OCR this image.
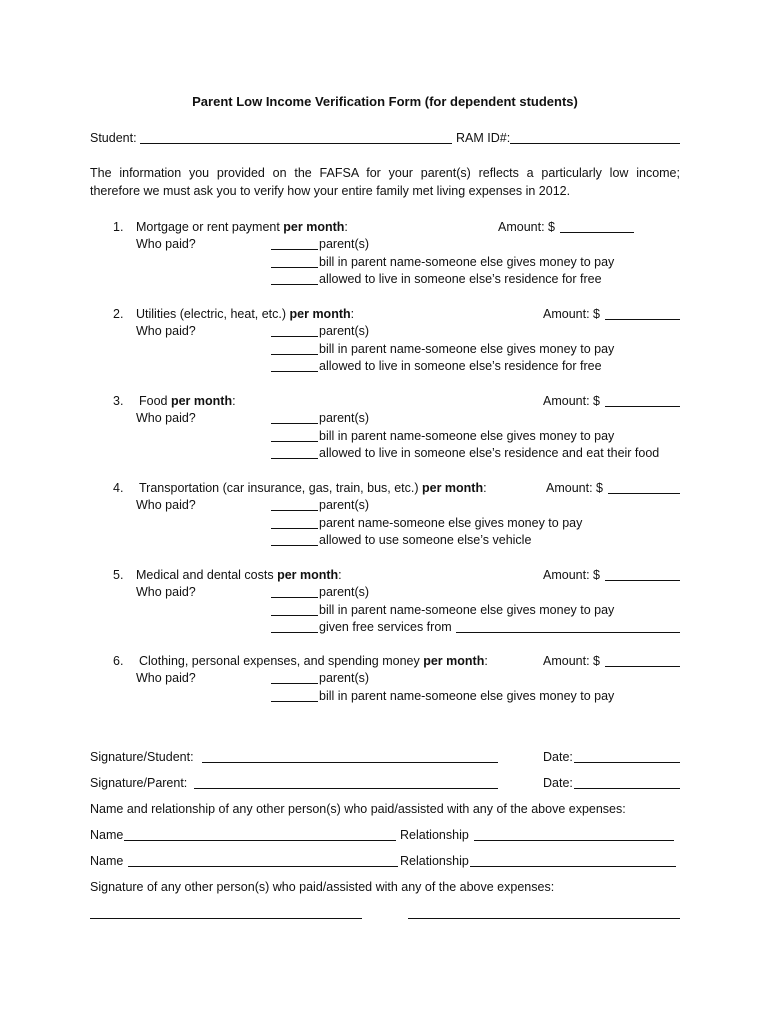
Parent Low Income Verification Form (for dependent students)
Student:	RAM ID#:
The information you provided on the FAFSA for your parent(s) reflects a particularly low income;
therefore we must ask you to verify how your entire family met living expenses in 2012.
1. Mortgage or rent payment per month:	Amount: $
Who paid?	parent(s)
bill in parent name-someone else gives money to pay
allowed to live in someone else’s residence for free
2. Utilities (electric, heat, etc.) per month:	Amount: $
Who paid?	parent(s)
bill in parent name-someone else gives money to pay
allowed to live in someone else’s residence for free
3. Food per month:	Amount: $
Who paid?	parent(s)
bill in parent name-someone else gives money to pay
allowed to live in someone else’s residence and eat their food
4. Transportation (car insurance, gas, train, bus, etc.) per month:	Amount: $
Who paid?	parent(s)
parent name-someone else gives money to pay
allowed to use someone else’s vehicle
5. Medical and dental costs per month:	Amount: $
Who paid?	parent(s)
bill in parent name-someone else gives money to pay
given free services from
6. Clothing, personal expenses, and spending money per month:	Amount: $
Who paid?	parent(s)
bill in parent name-someone else gives money to pay
Signature/Student:	Date:
Signature/Parent:	Date:
Name and relationship of any other person(s) who paid/assisted with any of the above expenses:
Name	Relationship
Name	Relationship
Signature of any other person(s) who paid/assisted with any of the above expenses:
